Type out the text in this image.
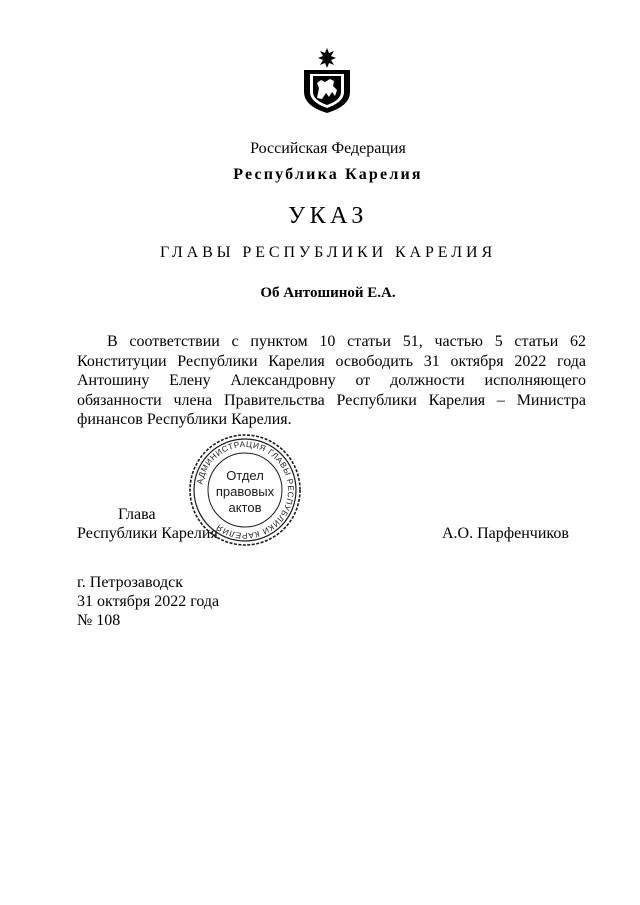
Российская Федерация
Республика Карелия
УКАЗ
ГЛАВЫ РЕСПУБЛИКИ КАРЕЛИЯ
Об Антошиной Е.А.
В соответствии с пунктом 10 статьи 51, частью 5 статьи 62 Конституции Республики Карелия освободить 31 октября 2022 года Антошину Елену Александровну от должности исполняющего обязанности члена Правительства Республики Карелия – Министра финансов Республики Карелия.
Глава
Республики Карелия	А.О. Парфенчиков
АДМИНИСТРАЦИЯ ГЛАВЫ РЕСПУБЛИКИ КАРЕЛИЯ
Отдел
правовых
актов
г. Петрозаводск
31 октября 2022 года
№ 108
